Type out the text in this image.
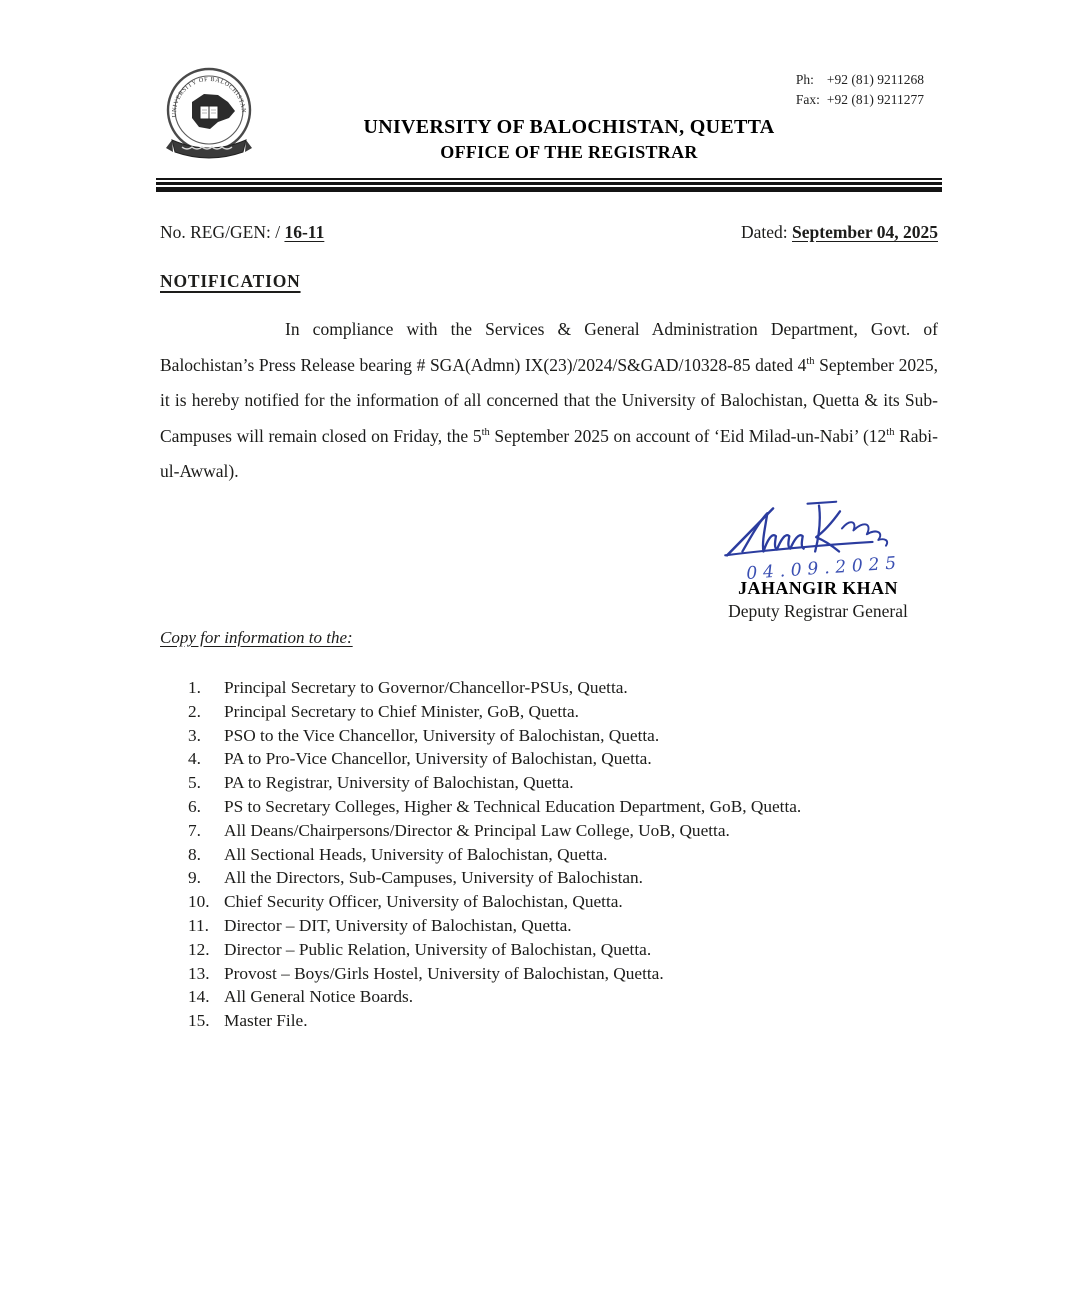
UNIVERSITY OF BALOCHISTAN
Ph:	+92 (81) 9211268
Fax:	+92 (81) 9211277
UNIVERSITY OF BALOCHISTAN, QUETTA
OFFICE OF THE REGISTRAR
No. REG/GEN: / 16-11	Dated: September 04, 2025
NOTIFICATION

In compliance with the Services & General Administration Department, Govt. of Balochistan’s Press Release bearing # SGA(Admn) IX(23)/2024/S&GAD/10328-85 dated 4th September 2025, it is hereby notified for the information of all concerned that the University of Balochistan, Quetta & its Sub-Campuses will remain closed on Friday, the 5th September 2025 on account of ‘Eid Milad-un-Nabi’ (12th Rabi-ul-Awwal).

04.09.2025
JAHANGIR KHAN
Deputy Registrar General
Copy for information to the:
1.	Principal Secretary to Governor/Chancellor-PSUs, Quetta.
2.	Principal Secretary to Chief Minister, GoB, Quetta.
3.	PSO to the Vice Chancellor, University of Balochistan, Quetta.
4.	PA to Pro-Vice Chancellor, University of Balochistan, Quetta.
5.	PA to Registrar, University of Balochistan, Quetta.
6.	PS to Secretary Colleges, Higher & Technical Education Department, GoB, Quetta.
7.	All Deans/Chairpersons/Director & Principal Law College, UoB, Quetta.
8.	All Sectional Heads, University of Balochistan, Quetta.
9.	All the Directors, Sub-Campuses, University of Balochistan.
10. Chief Security Officer, University of Balochistan, Quetta.
11. Director – DIT, University of Balochistan, Quetta.
12. Director – Public Relation, University of Balochistan, Quetta.
13. Provost – Boys/Girls Hostel, University of Balochistan, Quetta.
14. All General Notice Boards.
15. Master File.
